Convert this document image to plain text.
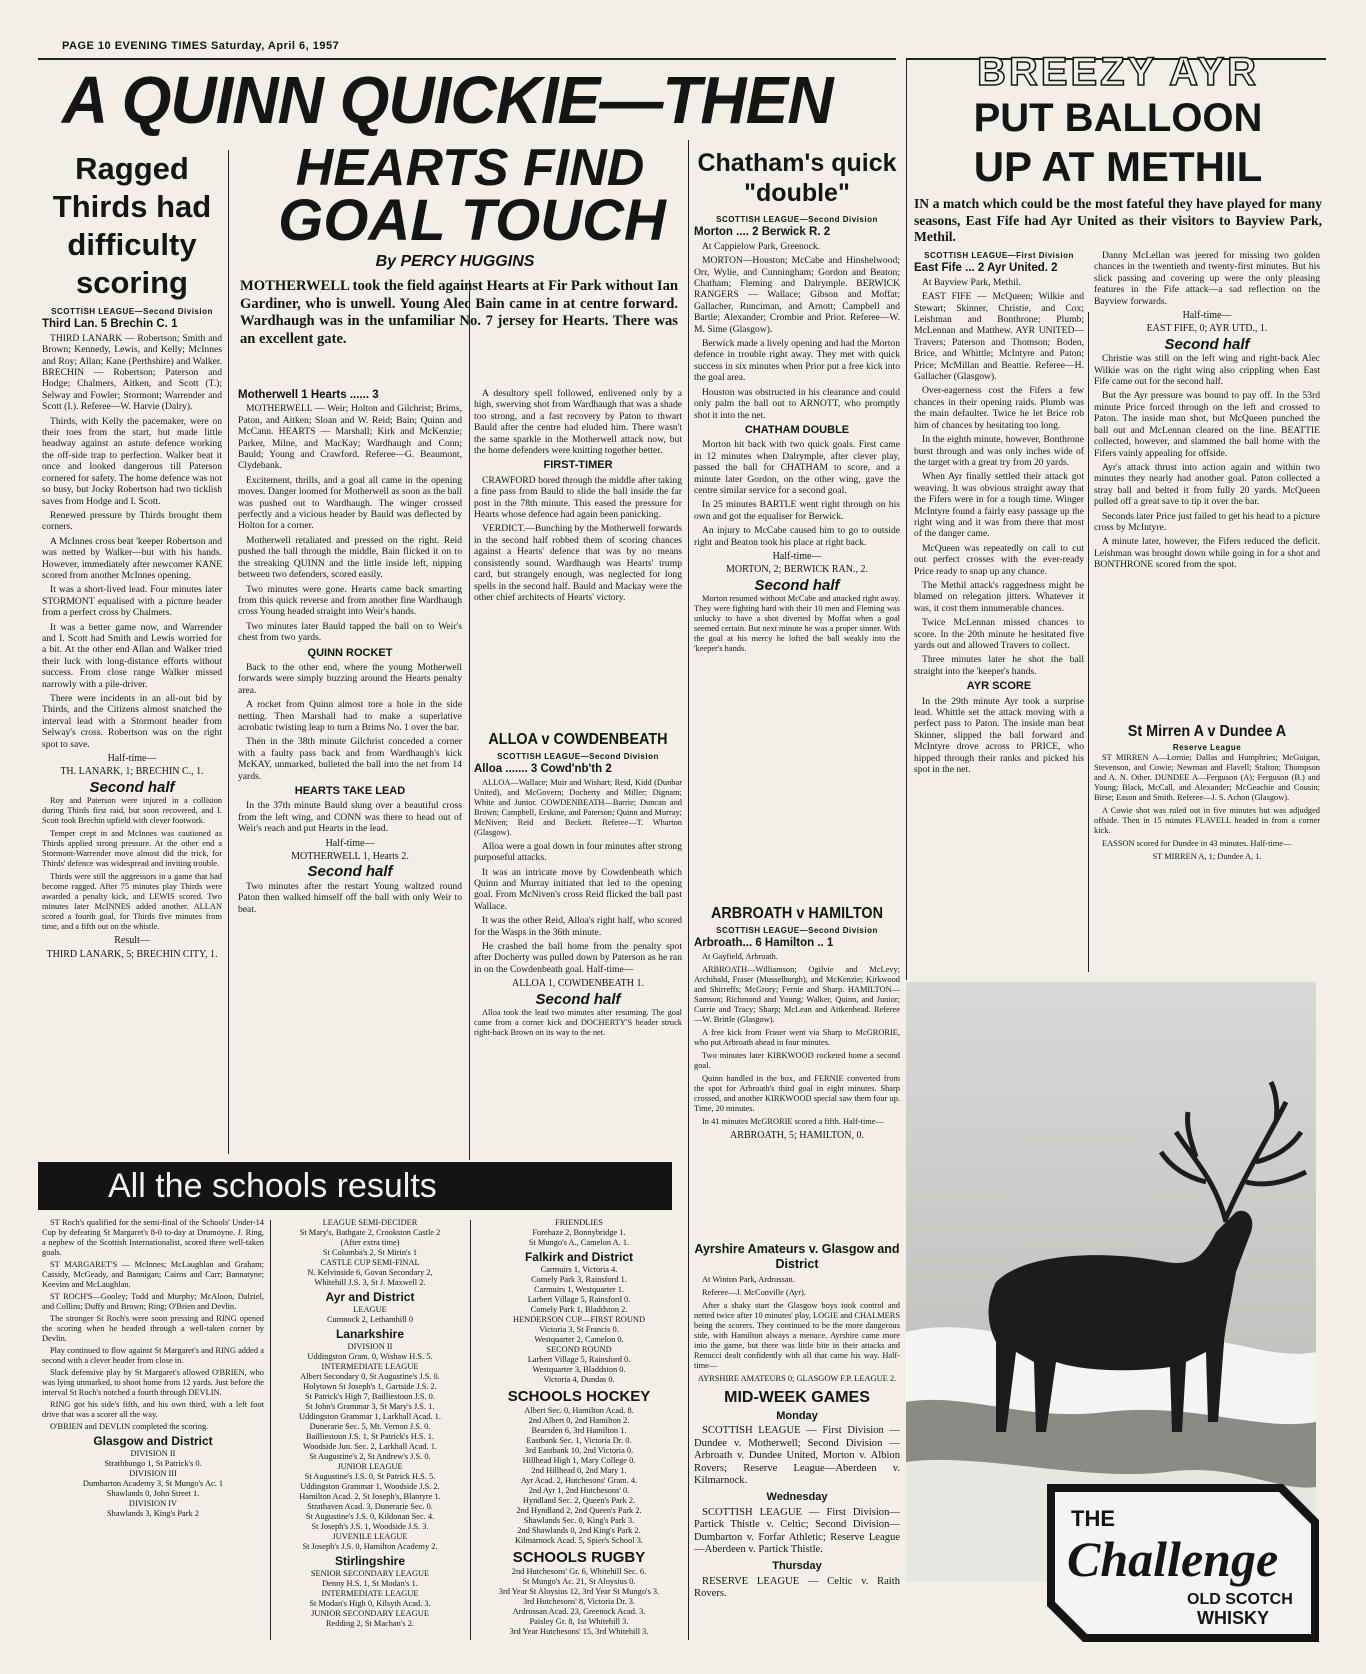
PAGE 10 EVENING TIMES Saturday, April 6, 1957
A QUINN QUICKIE—THEN
HEARTS FIND
GOAL TOUCH
By PERCY HUGGINS
MOTHERWELL took the field against Hearts at Fir Park without Ian Gardiner, who is unwell. Young Alec Bain came in at centre forward. Wardhaugh was in the unfamiliar No. 7 jersey for Hearts. There was an excellent gate.
Motherwell 1 Hearts ...... 3

MOTHERWELL — Weir; Holton and Gilchrist; Brims, Paton, and Aitken; Sloan and W. Reid; Bain; Quinn and McCann. HEARTS — Marshall; Kirk and McKenzie; Parker, Milne, and MacKay; Wardhaugh and Conn; Bauld; Young and Crawford. Referee—G. Beaumont, Clydebank.

Excitement, thrills, and a goal all came in the opening moves. Danger loomed for Motherwell as soon as the ball was pushed out to Wardhaugh. The winger crossed perfectly and a vicious header by Bauld was deflected by Holton for a corner.

Motherwell retaliated and pressed on the right. Reid pushed the ball through the middle, Bain flicked it on to the streaking QUINN and the little inside left, nipping between two defenders, scored easily.

Two minutes were gone. Hearts came back smarting from this quick reverse and from another fine Wardhaugh cross Young headed straight into Weir's hands.

Two minutes later Bauld tapped the ball on to Weir's chest from two yards.

QUINN ROCKET

Back to the other end, where the young Motherwell forwards were simply buzzing around the Hearts penalty area.

A rocket from Quinn almost tore a hole in the side netting. Then Marshall had to make a superlative acrobatic twisting leap to turn a Brims No. 1 over the bar.

Then in the 38th minute Gilchrist conceded a corner with a faulty pass back and from Wardhaugh's kick McKAY, unmarked, bulleted the ball into the net from 14 yards.

HEARTS TAKE LEAD

In the 37th minute Bauld slung over a beautiful cross from the left wing, and CONN was there to head out of Weir's reach and put Hearts in the lead.

Half-time—
MOTHERWELL 1, Hearts 2.
Second half

Two minutes after the restart Young waltzed round Paton then walked himself off the ball with only Weir to beat.

A desultory spell followed, enlivened only by a high, swerving shot from Wardhaugh that was a shade too strong, and a fast recovery by Paton to thwart Bauld after the centre had eluded him. There wasn't the same sparkle in the Motherwell attack now, but the home defenders were knitting together better.

FIRST-TIMER

CRAWFORD bored through the middle after taking a fine pass from Bauld to slide the ball inside the far post in the 78th minute. This eased the pressure for Hearts whose defence had again been panicking.

VERDICT.—Bunching by the Motherwell forwards in the second half robbed them of scoring chances against a Hearts' defence that was by no means consistently sound. Wardhaugh was Hearts' trump card, but strangely enough, was neglected for long spells in the second half. Bauld and Mackay were the other chief architects of Hearts' victory.

ALLOA v COWDENBEATH
SCOTTISH LEAGUE—Second Division
Alloa ....... 3 Cowd'nb'th 2

ALLOA—Wallace; Muir and Wishart; Reid, Kidd (Dunbar United), and McGovern; Docherty and Miller; Dignam; White and Junior. COWDENBEATH—Barrie; Duncan and Brown; Campbell, Erskine, and Paterson; Quinn and Murray; McNiven; Reid and Beckett. Referee—T. Wharton (Glasgow).

Alloa were a goal down in four minutes after strong purposeful attacks.

It was an intricate move by Cowdenbeath which Quinn and Murray initiated that led to the opening goal. From McNiven's cross Reid flicked the ball past Wallace.

It was the other Reid, Alloa's right half, who scored for the Wasps in the 36th minute.

He crashed the ball home from the penalty spot after Docherty was pulled down by Paterson as he ran in on the Cowdenbeath goal. Half-time—

ALLOA 1, COWDENBEATH 1.
Second half

Alloa took the lead two minutes after resuming. The goal came from a corner kick and DOCHERTY'S header struck right-back Brown on its way to the net.

Ragged Thirds had difficulty scoring
SCOTTISH LEAGUE—Second Division
Third Lan. 5 Brechin C. 1

THIRD LANARK — Robertson; Smith and Brown; Kennedy, Lewis, and Kelly; McInnes and Roy; Allan; Kane (Perthshire) and Walker. BRECHIN — Robertson; Paterson and Hodge; Chalmers, Aitken, and Scott (T.); Selway and Fowler; Stormont; Warrender and Scott (I.). Referee—W. Harvie (Dalry).

Thirds, with Kelly the pacemaker, were on their toes from the start, but made little headway against an astute defence working the off-side trap to perfection. Walker beat it once and looked dangerous till Paterson cornered for safety. The home defence was not so busy, but Jocky Robertson had two ticklish saves from Hodge and I. Scott.

Renewed pressure by Thirds brought them corners.

A McInnes cross beat 'keeper Robertson and was netted by Walker—but with his hands. However, immediately after newcomer KANE scored from another McInnes opening.

It was a short-lived lead. Four minutes later STORMONT equalised with a picture header from a perfect cross by Chalmers.

It was a better game now, and Warrender and I. Scott had Smith and Lewis worried for a bit. At the other end Allan and Walker tried their luck with long-distance efforts without success. From close range Walker missed narrowly with a pile-driver.

There were incidents in an all-out bid by Thirds, and the Citizens almost snatched the interval lead with a Stormont header from Selway's cross. Robertson was on the right spot to save.

Half-time—
TH. LANARK, 1; BRECHIN C., 1.
Second half

Roy and Paterson were injured in a collision during Thirds first raid, but soon recovered, and I. Scott took Brechin upfield with clever footwork.

Temper crept in and McInnes was cautioned as Thirds applied strong pressure. At the other end a Stormont-Warrender move almost did the trick, for Thirds' defence was widespread and inviting trouble.

Thirds were still the aggressors in a game that had become ragged. After 75 minutes play Thirds were awarded a penalty kick, and LEWIS scored. Two minutes later McINNES added another. ALLAN scored a fourth goal, for Thirds five minutes from time, and a fifth out on the whistle.

Result—
THIRD LANARK, 5; BRECHIN CITY, 1.
Chatham's quick "double"
SCOTTISH LEAGUE—Second Division
Morton .... 2 Berwick R. 2

At Cappielow Park, Greenock.

MORTON—Houston; McCabe and Hinshelwood; Orr, Wylie, and Cunningham; Gordon and Beaton; Chatham; Fleming and Dalrymple. BERWICK RANGERS — Wallace; Gibson and Moffat; Gallacher, Runciman, and Arnott; Campbell and Bartle; Alexander; Crombie and Prior. Referee—W. M. Sime (Glasgow).

Berwick made a lively opening and had the Morton defence in trouble right away. They met with quick success in six minutes when Prior put a free kick into the goal area.

Houston was obstructed in his clearance and could only palm the ball out to ARNOTT, who promptly shot it into the net.

CHATHAM DOUBLE

Morton hit back with two quick goals. First came in 12 minutes when Dalrymple, after clever play, passed the ball for CHATHAM to score, and a minute later Gordon, on the other wing, gave the centre similar service for a second goal.

In 25 minutes BARTLE went right through on his own and got the equaliser for Berwick.

An injury to McCabe caused him to go to outside right and Beaton took his place at right back.

Half-time—
MORTON, 2; BERWICK RAN., 2.
Second half

Morton resumed without McCabe and attacked right away. They were fighting hard with their 10 men and Fleming was unlucky to have a shot diverted by Moffat when a goal seemed certain. But next minute he was a proper sinner. With the goal at his mercy he lofted the ball weakly into the 'keeper's hands.

ARBROATH v HAMILTON
SCOTTISH LEAGUE—Second Division
Arbroath... 6 Hamilton .. 1

At Gayfield, Arbroath.

ARBROATH—Williamson; Ogilvie and McLevy; Archibald, Fraser (Musselburgh), and McKenzie; Kirkwood and Shirreffs; McGrory; Fernie and Sharp. HAMILTON—Samson; Richmond and Young; Walker, Quinn, and Junior; Currie and Tracy; Sharp; McLean and Aitkenhead. Referee—W. Brittle (Glasgow).

A free kick from Fraser went via Sharp to McGRORIE, who put Arbroath ahead in four minutes.

Two minutes later KIRKWOOD rocketed home a second goal.

Quinn handled in the box, and FERNIE converted from the spot for Arbroath's third goal in eight minutes. Sharp crossed, and another KIRKWOOD special saw them four up. Time, 20 minutes.

In 41 minutes McGRORIE scored a fifth. Half-time—

ARBROATH, 5; HAMILTON, 0.
Ayrshire Amateurs v. Glasgow and District

At Winton Park, Ardrossan.

Referee—J. McConville (Ayr).

After a shaky start the Glasgow boys took control and netted twice after 10 minutes' play, LOGIE and CHALMERS being the scorers. They continued to be the more dangerous side, with Hamilton always a menace. Ayrshire came more into the game, but there was little bite in their attacks and Renucci dealt confidently with all that came his way. Half-time—

AYRSHIRE AMATEURS 0; GLASGOW F.P. LEAGUE 2.
MID-WEEK GAMES
Monday

SCOTTISH LEAGUE — First Division — Dundee v. Motherwell; Second Division — Arbroath v. Dundee United, Morton v. Albion Rovers; Reserve League—Aberdeen v. Kilmarnock.

Wednesday

SCOTTISH LEAGUE — First Division—Partick Thistle v. Celtic; Second Division—Dumbarton v. Forfar Athletic; Reserve League—Aberdeen v. Partick Thistle.

Thursday

RESERVE LEAGUE — Celtic v. Raith Rovers.

BREEZY AYR
PUT BALLOON
UP AT METHIL
IN a match which could be the most fateful they have played for many seasons, East Fife had Ayr United as their visitors to Bayview Park, Methil.
SCOTTISH LEAGUE—First Division
East Fife ... 2 Ayr United. 2

At Bayview Park, Methil.

EAST FIFE — McQueen; Wilkie and Stewart; Skinner, Christie, and Cox; Leishman and Bonthrone; Plumb; McLennan and Matthew. AYR UNITED—Travers; Paterson and Thomson; Boden, Brice, and Whittle; McIntyre and Paton; Price; McMillan and Beattie. Referee—H. Gallacher (Glasgow).

Over-eagerness cost the Fifers a few chances in their opening raids. Plumb was the main defaulter. Twice he let Brice rob him of chances by hesitating too long.

In the eighth minute, however, Bonthrone burst through and was only inches wide of the target with a great try from 20 yards.

When Ayr finally settled their attack got weaving. It was obvious straight away that the Fifers were in for a tough time. Winger McIntyre found a fairly easy passage up the right wing and it was from there that most of the danger came.

McQueen was repeatedly on call to cut out perfect crosses with the ever-ready Price ready to snap up any chance.

The Methil attack's raggedness might be blamed on relegation jitters. Whatever it was, it cost them innumerable chances.

Twice McLennan missed chances to score. In the 20th minute he hesitated five yards out and allowed Travers to collect.

Three minutes later he shot the ball straight into the 'keeper's hands.

AYR SCORE

In the 29th minute Ayr took a surprise lead. Whittle set the attack moving with a perfect pass to Paton. The inside man beat Skinner, slipped the ball forward and McIntyre drove across to PRICE, who hipped through their ranks and picked his spot in the net.

Danny McLellan was jeered for missing two golden chances in the twentieth and twenty-first minutes. But his slick passing and covering up were the only pleasing features in the Fife attack—a sad reflection on the Bayview forwards.

Half-time—
EAST FIFE, 0; AYR UTD., 1.
Second half

Christie was still on the left wing and right-back Alec Wilkie was on the right wing also crippling when East Fife came out for the second half.

But the Ayr pressure was bound to pay off. In the 53rd minute Price forced through on the left and crossed to Paton. The inside man shot, but McQueen punched the ball out and McLennan cleared on the line. BEATTIE collected, however, and slammed the ball home with the Fifers vainly appealing for offside.

Ayr's attack thrust into action again and within two minutes they nearly had another goal. Paton collected a stray ball and belted it from fully 20 yards. McQueen pulled off a great save to tip it over the bar.

Seconds later Price just failed to get his head to a picture cross by McIntyre.

A minute later, however, the Fifers reduced the deficit. Leishman was brought down while going in for a shot and BONTHRONE scored from the spot.

St Mirren A v Dundee A
Reserve League

ST MIRREN A—Lornie; Dallas and Humphries; McGuigan, Stevenson, and Cowie; Newman and Flavell; Stalton; Thompson and A. N. Other. DUNDEE A—Ferguson (A); Ferguson (B.) and Young; Black, McCall, and Alexander; McGeachie and Cousin; Birse; Eason and Smith. Referee—J. S. Achon (Glasgow).

A Cowie shot was ruled out in five minutes but was adjudged offside. Then in 15 minutes FLAVELL headed in from a corner kick.

EASSON scored for Dundee in 43 minutes. Half-time—

ST MIRREN A, 1; Dundee A, 1.
THE
Challenge
OLD SCOTCH
WHISKY
All the schools results

ST Roch's qualified for the semi-final of the Schools' Under-14 Cup by defeating St Margaret's 8-0 to-day at Drumoyne. J. Ring, a nephew of the Scottish Internationalist, scored three well-taken goals.

ST MARGARET'S — McInnes; McLaughlan and Graham; Cassidy, McGeady, and Bannigan; Cairns and Carr; Bannatyne; Keevins and McLaughlan.

ST ROCH'S—Gooley; Todd and Murphy; McAloon, Dalziel, and Collins; Duffy and Brown; Ring; O'Brien and Devlin.

The stronger St Roch's were soon pressing and RING opened the scoring when he headed through a well-taken corner by Devlin.

Play continued to flow against St Margaret's and RING added a second with a clever header from close in.

Slack defensive play by St Margaret's allowed O'BRIEN, who was lying unmarked, to shoot home from 12 yards. Just before the interval St Roch's notched a fourth through DEVLIN.

RING got his side's fifth, and his own third, with a left foot drive that was a scorer all the way.

O'BRIEN and DEVLIN completed the scoring.

Glasgow and District
DIVISION II
Strathbungo 1, St Patrick's 0.
DIVISION III
Dumbarton Academy 3, St Mungo's Ac. 1
Shawlands 0, John Street 1.
DIVISION IV
Shawlands 3, King's Park 2
LEAGUE SEMI-DECIDER
St Mary's, Bathgate 2, Crookston Castle 2
(After extra time)
St Columba's 2, St Mirin's 1
CASTLE CUP SEMI-FINAL
N. Kelvinside 6, Govan Secondary 2,
Whitehill J.S. 3, St J. Maxwell 2.
Ayr and District
LEAGUE
Cumnock 2, Lethamhill 0
Lanarkshire
DIVISION II
Uddingston Gram. 0, Wishaw H.S. 5.
INTERMEDIATE LEAGUE
Albert Secondary 0, St Augustine's J.S. 0.
Holytown St Joseph's 1, Gartside J.S. 2.
St Patrick's High 7, Bailliestoun J.S. 0.
St John's Grammar 3, St Mary's J.S. 1.
Uddingston Grammar 1, Larkhall Acad. 1.
Dunerarie Sec. 5, Mt. Vernon J.S. 0.
Bailliestoun J.S. 1, St Patrick's H.S. 1.
Woodside Jun. Sec. 2, Larkhall Acad. 1.
St Augustine's 2, St Andrew's J.S. 0.
JUNIOR LEAGUE
St Augustine's J.S. 0, St Patrick H.S. 5.
Uddingston Grammar 1, Woodside J.S. 2.
Hamilton Acad. 2, St Joseph's, Blantyre 1.
Strathaven Acad. 3, Dunerarie Sec. 0.
St Augustine's J.S. 0, Kildonan Sec. 4.
St Joseph's J.S. 1, Woodside J.S. 3.
JUVENILE LEAGUE
St Joseph's J.S. 0, Hamilton Academy 2.
Stirlingshire
SENIOR SECONDARY LEAGUE
Denny H.S. 1, St Modan's 1.
INTERMEDIATE LEAGUE
St Modan's High 0, Kilsyth Acad. 3.
JUNIOR SECONDARY LEAGUE
Redding 2, St Machan's 2.
FRIENDLIES
Forehaze 2, Bonnybridge 1.
St Mungo's A., Camelon A. 1.
Falkirk and District
Carmuirs 1, Victoria 4.
Comely Park 3, Rainsford 1.
Carmuirs 1, Westquarter 1.
Larbert Village 5, Rainsford 0.
Comely Park 1, Bladdston 2.
HENDERSON CUP—FIRST ROUND
Victoria 3, St Francis 0.
Westquarter 2, Camelon 0.
SECOND ROUND
Larbert Village 5, Rainsford 0.
Westquarter 3, Bladdston 0.
Victoria 4, Dundas 0.
SCHOOLS HOCKEY
Albert Sec. 0, Hamilton Acad. 8.
2nd Albert 0, 2nd Hamilton 2.
Bearsden 6, 3rd Hamilton 1.
Eastbank Sec. 1, Victoria Dr. 0.
3rd Eastbank 10, 2nd Victoria 0.
Hillhead High 1, Mary College 0.
2nd Hillhead 0, 2nd Mary 1.
Ayr Acad. 2, Hutchesons' Gram. 4.
2nd Ayr 1, 2nd Hutchesons' 0.
Hyndland Sec. 2, Queen's Park 2.
2nd Hyndland 2, 2nd Queen's Park 2.
Shawlands Sec. 0, King's Park 3.
2nd Shawlands 0, 2nd King's Park 2.
Kilmarnock Acad. 5, Spier's School 3.
SCHOOLS RUGBY
2nd Hutchesons' Gr. 6, Whitehill Sec. 6.
St Mungo's Ac. 21, St Aloysius 0.
3rd Year St Aloysius 12, 3rd Year St Mungo's 3.
3rd Hutchesons' 8, Victoria Dr. 3.
Ardrossan Acad. 23, Greenock Acad. 3.
Paisley Gr. 8, 1st Whitehill 3.
3rd Year Hutchesons' 15, 3rd Whitehill 3.
